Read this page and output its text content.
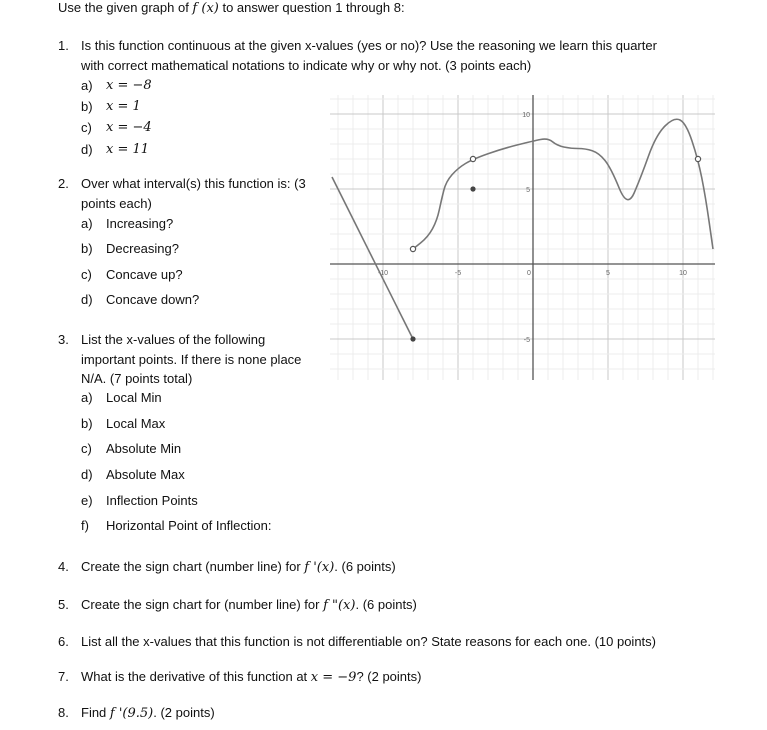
Use the given graph of f (x) to answer question 1 through 8:
1. Is this function continuous at the given x-values (yes or no)? Use the reasoning we learn this quarter
with correct mathematical notations to indicate why or why not. (3 points each)
a) x = −8
b) x = 1
c) x = −4
d) x = 11
2. Over what interval(s) this function is: (3
points each)
a) Increasing?
b) Decreasing?
c) Concave up?
d) Concave down?
3. List the x-values of the following
important points. If there is none place
N/A. (7 points total)
a) Local Min
b) Local Max
c) Absolute Min
d) Absolute Max
e) Inflection Points
f) Horizontal Point of Inflection:
4. Create the sign chart (number line) for f '(x). (6 points)
5. Create the sign chart for (number line) for f "(x). (6 points)
6. List all the x-values that this function is not differentiable on? State reasons for each one. (10 points)
7. What is the derivative of this function at x = −9? (2 points)
8. Find f '(9.5). (2 points)
-10	-5	0	5	10
10
5
-5
